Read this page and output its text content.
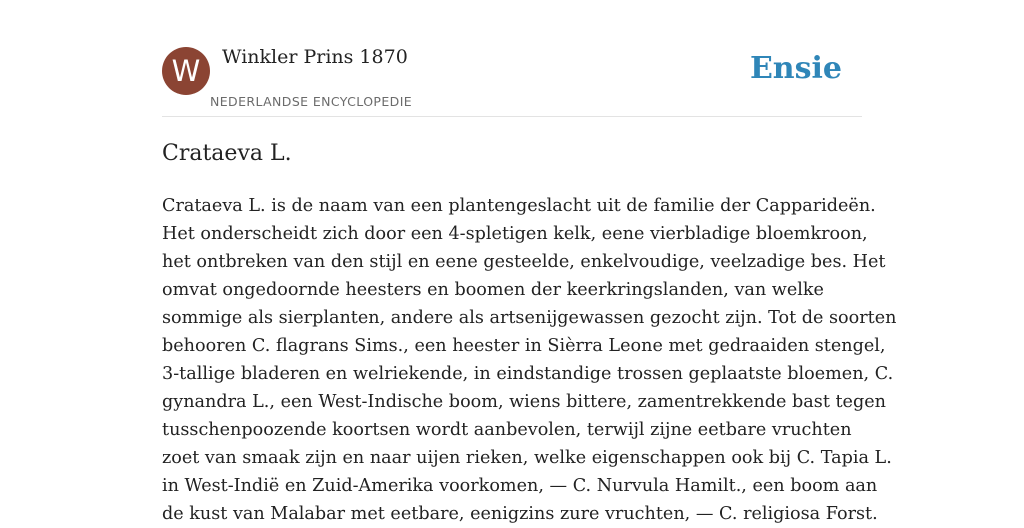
W	Winkler Prins 1870
NEDERLANDSE ENCYCLOPEDIE
Ensie
Crataeva L.
Crataeva L. is de naam van een plantengeslacht uit de familie der Capparideën.
Het onderscheidt zich door een 4-spletigen kelk, eene vierbladige bloemkroon,
het ontbreken van den stijl en eene gesteelde, enkelvoudige, veelzadige bes. Het
omvat ongedoornde heesters en boomen der keerkringslanden, van welke
sommige als sierplanten, andere als artsenijgewassen gezocht zijn. Tot de soorten
behooren C. flagrans Sims., een heester in Sièrra Leone met gedraaiden stengel,
3-tallige bladeren en welriekende, in eindstandige trossen geplaatste bloemen, C.
gynandra L., een West-Indische boom, wiens bittere, zamentrekkende bast tegen
tusschenpoozende koortsen wordt aanbevolen, terwijl zijne eetbare vruchten
zoet van smaak zijn en naar uijen rieken, welke eigenschappen ook bij C. Tapia L.
in West-Indië en Zuid-Amerika voorkomen, — C. Nurvula Hamilt., een boom aan
de kust van Malabar met eetbare, eenigzins zure vruchten, — C. religiosa Forst.
